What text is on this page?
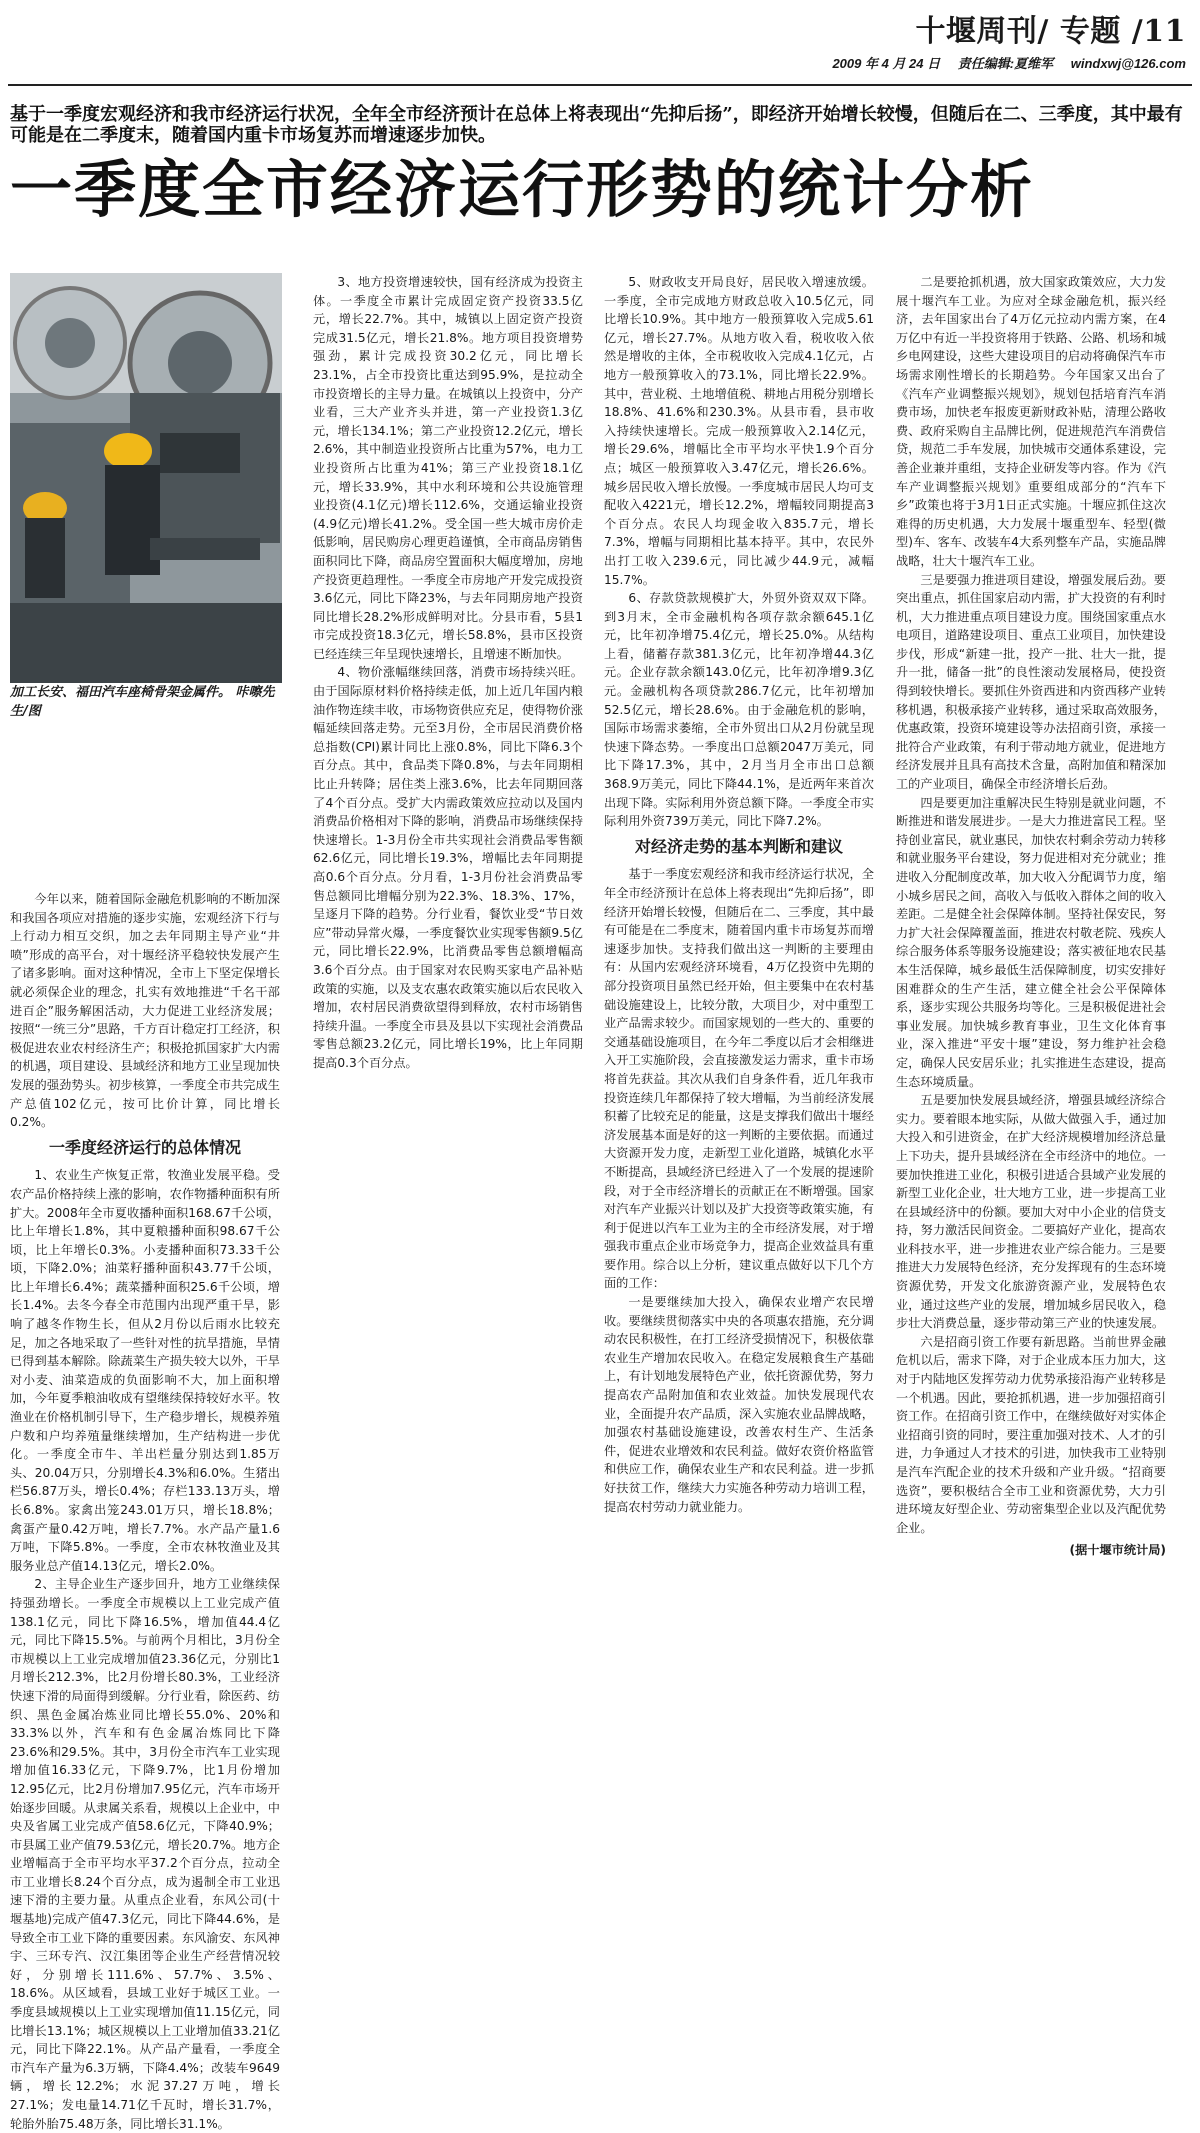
十堰周刊/ 专题 /11
2009 年 4 月 24 日 责任编辑:夏维军 windxwj@126.com
基于一季度宏观经济和我市经济运行状况，全年全市经济预计在总体上将表现出“先抑后扬”，即经济开始增长较慢，但随后在二、三季度，其中最有可能是在二季度末，随着国内重卡市场复苏而增速逐步加快。
一季度全市经济运行形势的统计分析
加工长安、福田汽车座椅骨架金属件。 咔嚓先生/图

今年以来，随着国际金融危机影响的不断加深和我国各项应对措施的逐步实施，宏观经济下行与上行动力相互交织，加之去年同期主导产业“井喷”形成的高平台，对十堰经济平稳较快发展产生了诸多影响。面对这种情况，全市上下坚定保增长就必须保企业的理念，扎实有效地推进“千名干部进百企”服务解困活动，大力促进工业经济发展；按照“一统三分”思路，千方百计稳定打工经济，积极促进农业农村经济生产；积极抢抓国家扩大内需的机遇，项目建设、县域经济和地方工业呈现加快发展的强劲势头。初步核算，一季度全市共完成生产总值102亿元，按可比价计算，同比增长0.2%。

一季度经济运行的总体情况

1、农业生产恢复正常，牧渔业发展平稳。受农产品价格持续上涨的影响，农作物播种面积有所扩大。2008年全市夏收播种面积168.67千公顷，比上年增长1.8%，其中夏粮播种面积98.67千公顷，比上年增长0.3%。小麦播种面积73.33千公顷，下降2.0%；油菜籽播种面积43.77千公顷，比上年增长6.4%；蔬菜播种面积25.6千公顷，增长1.4%。去冬今春全市范围内出现严重干旱，影响了越冬作物生长，但从2月份以后雨水比较充足，加之各地采取了一些针对性的抗旱措施，旱情已得到基本解除。除蔬菜生产损失较大以外，干旱对小麦、油菜造成的负面影响不大，加上面积增加，今年夏季粮油收成有望继续保持较好水平。牧渔业在价格机制引导下，生产稳步增长，规模养殖户数和户均养殖量继续增加，生产结构进一步优化。一季度全市牛、羊出栏量分别达到1.85万头、20.04万只，分别增长4.3%和6.0%。生猪出栏56.87万头，增长0.4%；存栏133.13万头，增长6.8%。家禽出笼243.01万只，增长18.8%；禽蛋产量0.42万吨，增长7.7%。水产品产量1.6万吨，下降5.8%。一季度，全市农林牧渔业及其服务业总产值14.13亿元，增长2.0%。

2、主导企业生产逐步回升，地方工业继续保持强劲增长。一季度全市规模以上工业完成产值138.1亿元，同比下降16.5%，增加值44.4亿元，同比下降15.5%。与前两个月相比，3月份全市规模以上工业完成增加值23.36亿元，分别比1月增长212.3%，比2月份增长80.3%，工业经济快速下滑的局面得到缓解。分行业看，除医药、纺织、黑色金属冶炼业同比增长55.0%、20%和33.3%以外，汽车和有色金属冶炼同比下降23.6%和29.5%。其中，3月份全市汽车工业实现增加值16.33亿元，下降9.7%，比1月份增加12.95亿元，比2月份增加7.95亿元，汽车市场开始逐步回暖。从隶属关系看，规模以上企业中，中央及省属工业完成产值58.6亿元，下降40.9%；市县属工业产值79.53亿元，增长20.7%。地方企业增幅高于全市平均水平37.2个百分点，拉动全市工业增长8.24个百分点，成为遏制全市工业迅速下滑的主要力量。从重点企业看，东风公司(十堰基地)完成产值47.3亿元，同比下降44.6%，是导致全市工业下降的重要因素。东风渝安、东风神宇、三环专汽、汉江集团等企业生产经营情况较好，分别增长111.6%、57.7%、3.5%、18.6%。从区域看，县域工业好于城区工业。一季度县域规模以上工业实现增加值11.15亿元，同比增长13.1%；城区规模以上工业增加值33.21亿元，同比下降22.1%。从产品产量看，一季度全市汽车产量为6.3万辆，下降4.4%；改装车9649辆，增长12.2%；水泥37.27万吨，增长27.1%；发电量14.71亿千瓦时，增长31.7%，轮胎外胎75.48万条，同比增长31.1%。

3、地方投资增速较快，国有经济成为投资主体。一季度全市累计完成固定资产投资33.5亿元，增长22.7%。其中，城镇以上固定资产投资完成31.5亿元，增长21.8%。地方项目投资增势强劲，累计完成投资30.2亿元，同比增长23.1%，占全市投资比重达到95.9%，是拉动全市投资增长的主导力量。在城镇以上投资中，分产业看，三大产业齐头并进，第一产业投资1.3亿元，增长134.1%；第二产业投资12.2亿元，增长2.6%，其中制造业投资所占比重为57%，电力工业投资所占比重为41%；第三产业投资18.1亿元，增长33.9%，其中水利环境和公共设施管理业投资(4.1亿元)增长112.6%，交通运输业投资(4.9亿元)增长41.2%。受全国一些大城市房价走低影响，居民购房心理更趋谨慎，全市商品房销售面积同比下降，商品房空置面积大幅度增加，房地产投资更趋理性。一季度全市房地产开发完成投资3.6亿元，同比下降23%，与去年同期房地产投资同比增长28.2%形成鲜明对比。分县市看，5县1市完成投资18.3亿元，增长58.8%，县市区投资已经连续三年呈现快速增长，且增速不断加快。

4、物价涨幅继续回落，消费市场持续兴旺。由于国际原材料价格持续走低，加上近几年国内粮油作物连续丰收，市场物资供应充足，使得物价涨幅延续回落走势。元至3月份，全市居民消费价格总指数(CPI)累计同比上涨0.8%，同比下降6.3个百分点。其中，食品类下降0.8%，与去年同期相比止升转降；居住类上涨3.6%，比去年同期回落了4个百分点。受扩大内需政策效应拉动以及国内消费品价格相对下降的影响，消费品市场继续保持快速增长。1-3月份全市共实现社会消费品零售额62.6亿元，同比增长19.3%，增幅比去年同期提高0.6个百分点。分月看，1-3月份社会消费品零售总额同比增幅分别为22.3%、18.3%、17%，呈逐月下降的趋势。分行业看，餐饮业受“节日效应”带动异常火爆，一季度餐饮业实现零售额9.5亿元，同比增长22.9%，比消费品零售总额增幅高3.6个百分点。由于国家对农民购买家电产品补贴政策的实施，以及支农惠农政策实施以后农民收入增加，农村居民消费欲望得到释放，农村市场销售持续升温。一季度全市县及县以下实现社会消费品零售总额23.2亿元，同比增长19%，比上年同期提高0.3个百分点。

5、财政收支开局良好，居民收入增速放缓。一季度，全市完成地方财政总收入10.5亿元，同比增长10.9%。其中地方一般预算收入完成5.61亿元，增长27.7%。从地方收入看，税收收入依然是增收的主体，全市税收收入完成4.1亿元，占地方一般预算收入的73.1%，同比增长22.9%。其中，营业税、土地增值税、耕地占用税分别增长18.8%、41.6%和230.3%。从县市看，县市收入持续快速增长。完成一般预算收入2.14亿元，增长29.6%，增幅比全市平均水平快1.9个百分点；城区一般预算收入3.47亿元，增长26.6%。城乡居民收入增长放慢。一季度城市居民人均可支配收入4221元，增长12.2%，增幅较同期提高3个百分点。农民人均现金收入835.7元，增长7.3%，增幅与同期相比基本持平。其中，农民外出打工收入239.6元，同比减少44.9元，减幅15.7%。

6、存款贷款规模扩大，外贸外资双双下降。到3月末，全市金融机构各项存款余额645.1亿元，比年初净增75.4亿元，增长25.0%。从结构上看，储蓄存款381.3亿元，比年初净增44.3亿元。企业存款余额143.0亿元，比年初净增9.3亿元。金融机构各项贷款286.7亿元，比年初增加52.5亿元，增长28.6%。由于金融危机的影响，国际市场需求萎缩，全市外贸出口从2月份就呈现快速下降态势。一季度出口总额2047万美元，同比下降17.3%，其中，2月当月全市出口总额368.9万美元，同比下降44.1%，是近两年来首次出现下降。实际利用外资总额下降。一季度全市实际利用外资739万美元，同比下降7.2%。

对经济走势的基本判断和建议

基于一季度宏观经济和我市经济运行状况，全年全市经济预计在总体上将表现出“先抑后扬”，即经济开始增长较慢，但随后在二、三季度，其中最有可能是在二季度末，随着国内重卡市场复苏而增速逐步加快。支持我们做出这一判断的主要理由有：从国内宏观经济环境看，4万亿投资中先期的部分投资项目虽然已经开始，但主要集中在农村基础设施建设上，比较分散，大项目少，对中重型工业产品需求较少。而国家规划的一些大的、重要的交通基础设施项目，在今年二季度以后才会相继进入开工实施阶段，会直接激发运力需求，重卡市场将首先获益。其次从我们自身条件看，近几年我市投资连续几年都保持了较大增幅，为当前经济发展积蓄了比较充足的能量，这是支撑我们做出十堰经济发展基本面是好的这一判断的主要依据。而通过大资源开发力度，走新型工业化道路，城镇化水平不断提高，县域经济已经进入了一个发展的提速阶段，对于全市经济增长的贡献正在不断增强。国家对汽车产业振兴计划以及扩大投资等政策实施，有利于促进以汽车工业为主的全市经济发展，对于增强我市重点企业市场竞争力，提高企业效益具有重要作用。综合以上分析，建议重点做好以下几个方面的工作：

一是要继续加大投入，确保农业增产农民增收。要继续贯彻落实中央的各项惠农措施，充分调动农民积极性，在打工经济受损情况下，积极依靠农业生产增加农民收入。在稳定发展粮食生产基础上，有计划地发展特色产业，依托资源优势，努力提高农产品附加值和农业效益。加快发展现代农业，全面提升农产品质，深入实施农业品牌战略，加强农村基础设施建设，改善农村生产、生活条件，促进农业增效和农民利益。做好农资价格监管和供应工作，确保农业生产和农民利益。进一步抓好扶贫工作，继续大力实施各种劳动力培训工程，提高农村劳动力就业能力。

二是要抢抓机遇，放大国家政策效应，大力发展十堰汽车工业。为应对全球金融危机，振兴经济，去年国家出台了4万亿元拉动内需方案，在4万亿中有近一半投资将用于铁路、公路、机场和城乡电网建设，这些大建设项目的启动将确保汽车市场需求刚性增长的长期趋势。今年国家又出台了《汽车产业调整振兴规划》，规划包括培育汽车消费市场，加快老车报废更新财政补贴，清理公路收费、政府采购自主品牌比例，促进规范汽车消费信贷，规范二手车发展，加快城市交通体系建设，完善企业兼并重组，支持企业研发等内容。作为《汽车产业调整振兴规划》重要组成部分的“汽车下乡”政策也将于3月1日正式实施。十堰应抓住这次难得的历史机遇，大力发展十堰重型车、轻型(微型)车、客车、改装车4大系列整车产品，实施品牌战略，壮大十堰汽车工业。

三是要强力推进项目建设，增强发展后劲。要突出重点，抓住国家启动内需，扩大投资的有利时机，大力推进重点项目建设力度。围绕国家重点水电项目，道路建设项目、重点工业项目，加快建设步伐，形成“新建一批，投产一批、壮大一批，提升一批，储备一批”的良性滚动发展格局，使投资得到较快增长。要抓住外资西进和内资西移产业转移机遇，积极承接产业转移，通过采取高效服务，优惠政策，投资环境建设等办法招商引资，承接一批符合产业政策，有利于带动地方就业，促进地方经济发展并且具有高技术含量，高附加值和精深加工的产业项目，确保全市经济增长后劲。

四是要更加注重解决民生特别是就业问题，不断推进和谐发展进步。一是大力推进富民工程。坚持创业富民，就业惠民，加快农村剩余劳动力转移和就业服务平台建设，努力促进相对充分就业；推进收入分配制度改革，加大收入分配调节力度，缩小城乡居民之间，高收入与低收入群体之间的收入差距。二是健全社会保障体制。坚持社保安民，努力扩大社会保障覆盖面，推进农村敬老院、残疾人综合服务体系等服务设施建设；落实被征地农民基本生活保障，城乡最低生活保障制度，切实安排好困难群众的生产生活，建立健全社会公平保障体系，逐步实现公共服务均等化。三是积极促进社会事业发展。加快城乡教育事业，卫生文化体育事业，深入推进“平安十堰”建设，努力维护社会稳定，确保人民安居乐业；扎实推进生态建设，提高生态环境质量。

五是要加快发展县域经济，增强县域经济综合实力。要着眼本地实际，从做大做强入手，通过加大投入和引进资金，在扩大经济规模增加经济总量上下功夫，提升县域经济在全市经济中的地位。一要加快推进工业化，积极引进适合县域产业发展的新型工业化企业，壮大地方工业，进一步提高工业在县域经济中的份额。要加大对中小企业的信贷支持，努力激活民间资金。二要搞好产业化，提高农业科技水平，进一步推进农业产综合能力。三是要推进大力发展特色经济，充分发挥现有的生态环境资源优势，开发文化旅游资源产业，发展特色农业，通过这些产业的发展，增加城乡居民收入，稳步壮大消费总量，逐步带动第三产业的快速发展。

六是招商引资工作要有新思路。当前世界金融危机以后，需求下降，对于企业成本压力加大，这对于内陆地区发挥劳动力优势承接沿海产业转移是一个机遇。因此，要抢抓机遇，进一步加强招商引资工作。在招商引资工作中，在继续做好对实体企业招商引资的同时，要注重加强对技术、人才的引进，力争通过人才技术的引进，加快我市工业特别是汽车汽配企业的技术升级和产业升级。“招商要选资”，要积极结合全市工业和资源优势，大力引进环境友好型企业、劳动密集型企业以及汽配优势企业。

(据十堰市统计局)
